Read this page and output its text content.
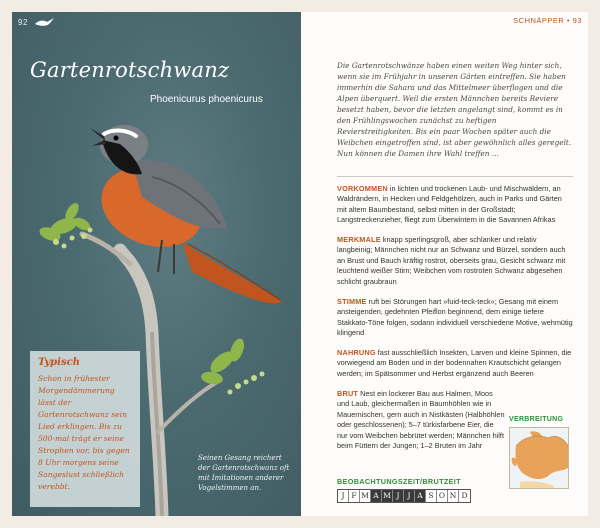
92
Gartenrotschwanz
Phoenicurus phoenicurus
Typisch
Schon in frühester Morgendämmerung lässt der Gartenrotschwanz sein Lied erklingen. Bis zu 500-mal trägt er seine Strophen vor, bis gegen 8 Uhr morgens seine Sangeslust schließlich verebbt.
Seinen Gesang reichert der Gartenrotschwanz oft mit Imitationen anderer Vogelstimmen an.
SCHNÄPPER • 93
Die Gartenrotschwänze haben einen weiten Weg hinter sich, wenn sie im Frühjahr in unseren Gärten eintreffen. Sie haben immerhin die Sahara und das Mittelmeer überflogen und die Alpen überquert. Weil die ersten Männchen bereits Reviere besetzt haben, bevor die letzten angelangt sind, kommt es in den Frühlingswochen zunächst zu heftigen Revierstreitigkeiten. Bis ein paar Wochen später auch die Weibchen eingetroffen sind, ist aber gewöhnlich alles geregelt. Nun können die Damen ihre Wahl treffen …
VORKOMMEN in lichten und trockenen Laub- und Mischwäldern, an Waldrändern, in Hecken und Feldgehölzen, auch in Parks und Gärten mit altem Baumbestand, selbst mitten in der Großstadt; Langstreckenzieher, fliegt zum Überwintern in die Savannen Afrikas
MERKMALE knapp sperlingsgroß, aber schlanker und relativ langbeinig; Männchen nicht nur an Schwanz und Bürzel, sondern auch an Brust und Bauch kräftig rostrot, oberseits grau, Gesicht schwarz mit leuchtend weißer Stirn; Weibchen vom rostroten Schwanz abgesehen schlicht graubraun
STIMME ruft bei Störungen hart »fuid-teck-teck«; Gesang mit einem ansteigenden, gedehnten Pfeiflon beginnend, dem einige tiefere Stakkato-Töne folgen, sodann individuell verschiedene Motive, wehmütig klingend
NAHRUNG fast ausschließlich Insekten, Larven und kleine Spinnen, die vorwiegend am Boden und in der bodennahen Krautschicht gelangen werden; im Spätsommer und Herbst ergänzend auch Beeren
BRUT Nest ein lockerer Bau aus Halmen, Moos und Laub, gleichermaßen in Baumhöhlen wie in Mauernischen, gern auch in Nistkästen (Halbhöhlen oder geschlossenen); 5–7 türkisfarbene Eier, die nur vom Weibchen bebrütet werden; Männchen hilft beim Füttern der Jungen; 1–2 Bruten im Jahr
VERBREITUNG
BEOBACHTUNGSZEIT/BRUTZEIT
J F M A M J	J A S O N D
